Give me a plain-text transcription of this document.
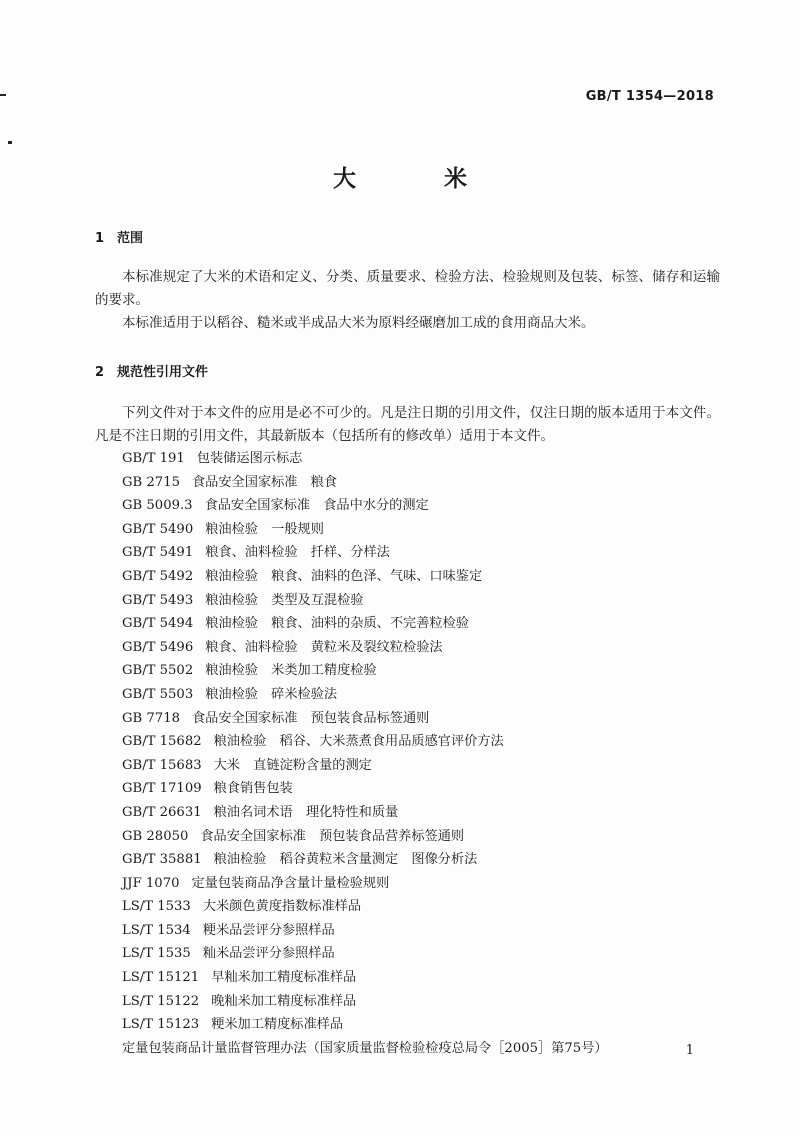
GB/T 1354—2018
大 米
1 范围

本标准规定了大米的术语和定义、分类、质量要求、检验方法、检验规则及包装、标签、储存和运输的要求。

本标准适用于以稻谷、糙米或半成品大米为原料经碾磨加工成的食用商品大米。

2 规范性引用文件

下列文件对于本文件的应用是必不可少的。凡是注日期的引用文件，仅注日期的版本适用于本文件。凡是不注日期的引用文件，其最新版本（包括所有的修改单）适用于本文件。

GB/T 191 包装储运图示标志
GB 2715 食品安全国家标准　粮食
GB 5009.3 食品安全国家标准　食品中水分的测定
GB/T 5490 粮油检验　一般规则
GB/T 5491 粮食、油料检验　扦样、分样法
GB/T 5492 粮油检验　粮食、油料的色泽、气味、口味鉴定
GB/T 5493 粮油检验　类型及互混检验
GB/T 5494 粮油检验　粮食、油料的杂质、不完善粒检验
GB/T 5496 粮食、油料检验　黄粒米及裂纹粒检验法
GB/T 5502 粮油检验　米类加工精度检验
GB/T 5503 粮油检验　碎米检验法
GB 7718 食品安全国家标准　预包装食品标签通则
GB/T 15682 粮油检验　稻谷、大米蒸煮食用品质感官评价方法
GB/T 15683 大米　直链淀粉含量的测定
GB/T 17109 粮食销售包装
GB/T 26631 粮油名词术语　理化特性和质量
GB 28050 食品安全国家标准　预包装食品营养标签通则
GB/T 35881 粮油检验　稻谷黄粒米含量测定　图像分析法
JJF 1070 定量包装商品净含量计量检验规则
LS/T 1533 大米颜色黄度指数标准样品
LS/T 1534 粳米品尝评分参照样品
LS/T 1535 籼米品尝评分参照样品
LS/T 15121 早籼米加工精度标准样品
LS/T 15122 晚籼米加工精度标准样品
LS/T 15123 粳米加工精度标准样品
定量包装商品计量监督管理办法（国家质量监督检验检疫总局令［2005］第75号）	1
